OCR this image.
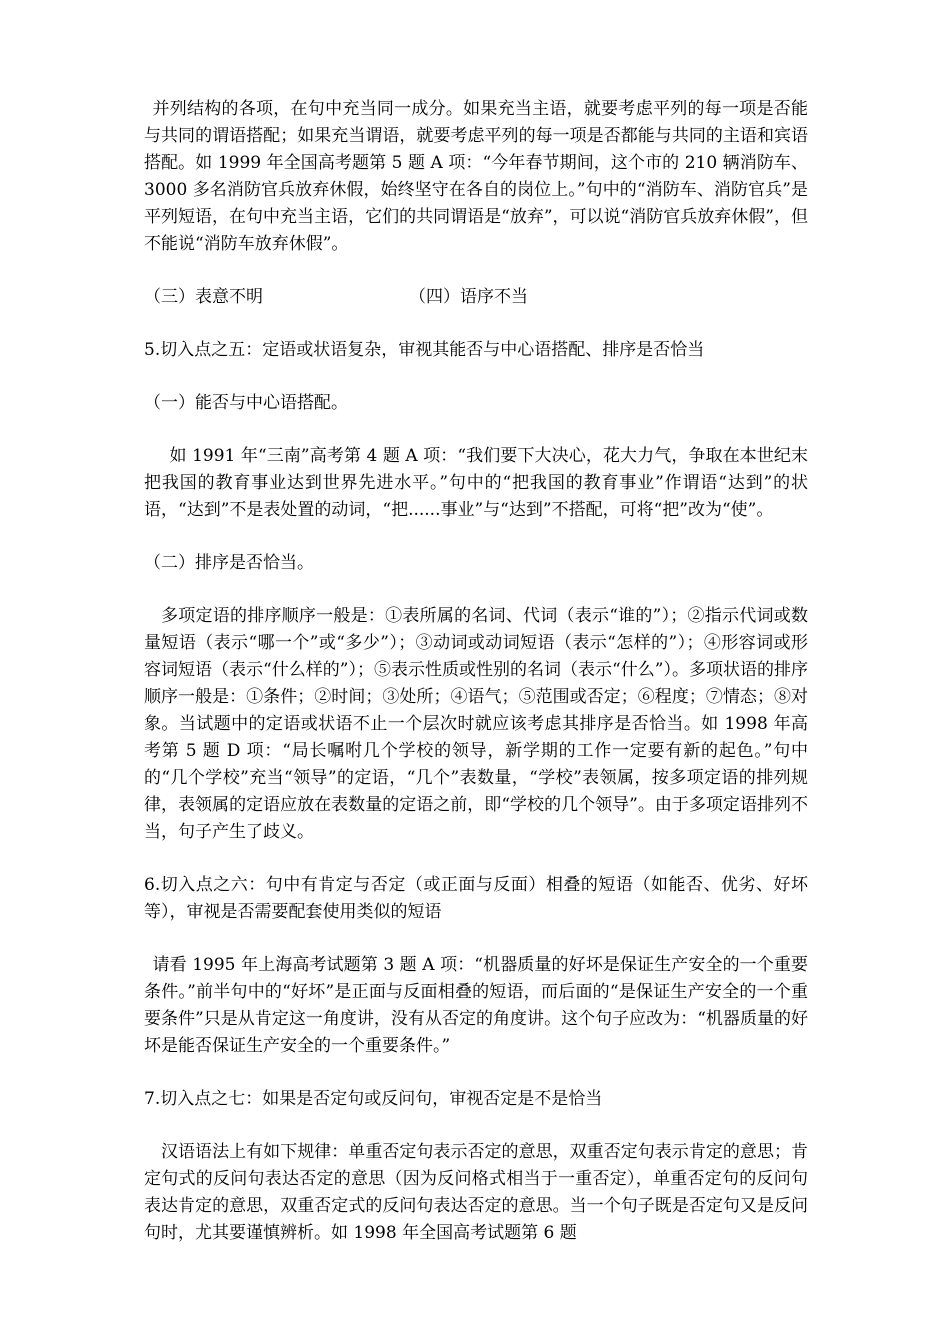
并列结构的各项，在句中充当同一成分。如果充当主语，就要考虑平列的每一项是否能与共同的谓语搭配；如果充当谓语，就要考虑平列的每一项是否都能与共同的主语和宾语搭配。如 1999 年全国高考题第 5 题 A 项：“今年春节期间，这个市的 210 辆消防车、3000 多名消防官兵放弃休假，始终坚守在各自的岗位上。”句中的“消防车、消防官兵”是平列短语，在句中充当主语，它们的共同谓语是“放弃”，可以说“消防官兵放弃休假”，但不能说“消防车放弃休假”。

（三）表意不明	（四）语序不当

5.切入点之五：定语或状语复杂，审视其能否与中心语搭配、排序是否恰当

（一）能否与中心语搭配。

如 1991 年“三南”高考第 4 题 A 项：“我们要下大决心，花大力气，争取在本世纪末把我国的教育事业达到世界先进水平。”句中的“把我国的教育事业”作谓语“达到”的状语，“达到”不是表处置的动词，“把......事业”与“达到”不搭配，可将“把”改为“使”。

（二）排序是否恰当。

多项定语的排序顺序一般是：①表所属的名词、代词（表示“谁的”）；②指示代词或数量短语（表示“哪一个”或“多少”）；③动词或动词短语（表示“怎样的”）；④形容词或形容词短语（表示“什么样的”）；⑤表示性质或性别的名词（表示“什么”）。多项状语的排序顺序一般是：①条件；②时间；③处所；④语气；⑤范围或否定；⑥程度；⑦情态；⑧对象。当试题中的定语或状语不止一个层次时就应该考虑其排序是否恰当。如 1998 年高考第 5 题 D 项：“局长嘱咐几个学校的领导，新学期的工作一定要有新的起色。”句中的“几个学校”充当“领导”的定语，“几个”表数量，“学校”表领属，按多项定语的排列规律，表领属的定语应放在表数量的定语之前，即“学校的几个领导”。由于多项定语排列不当，句子产生了歧义。

6.切入点之六：句中有肯定与否定（或正面与反面）相叠的短语（如能否、优劣、好坏等），审视是否需要配套使用类似的短语

请看 1995 年上海高考试题第 3 题 A 项：“机器质量的好坏是保证生产安全的一个重要条件。”前半句中的“好坏”是正面与反面相叠的短语，而后面的“是保证生产安全的一个重要条件”只是从肯定这一角度讲，没有从否定的角度讲。这个句子应改为：“机器质量的好坏是能否保证生产安全的一个重要条件。”

7.切入点之七：如果是否定句或反问句，审视否定是不是恰当

汉语语法上有如下规律：单重否定句表示否定的意思，双重否定句表示肯定的意思；肯定句式的反问句表达否定的意思（因为反问格式相当于一重否定），单重否定句的反问句表达肯定的意思，双重否定式的反问句表达否定的意思。当一个句子既是否定句又是反问句时，尤其要谨慎辨析。如 1998 年全国高考试题第 6 题
